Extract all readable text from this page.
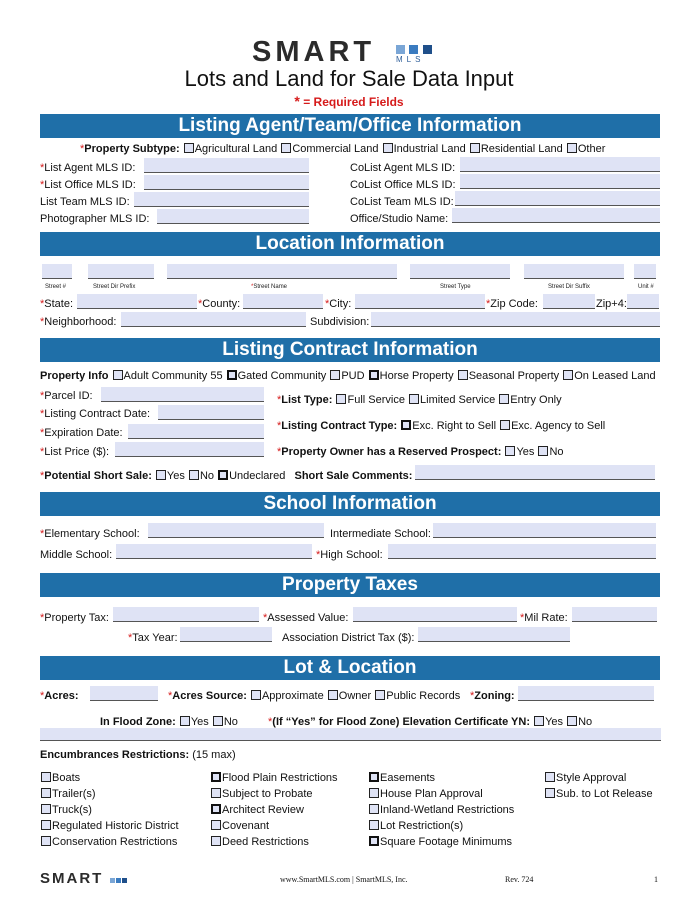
SMART
	MLS
Lots and Land for Sale Data Input
* = Required Fields
Listing Agent/Team/Office Information
*Property Subtype: Agricultural Land Commercial Land Industrial Land Residential Land Other
*List Agent MLS ID:
*List Office MLS ID:
List Team MLS ID:
Photographer MLS ID:
CoList Agent MLS ID:
CoList Office MLS ID:
CoList Team MLS ID:
Office/Studio Name:
Location Information
Street #	Street Dir Prefix	*Street Name	Street Type	Street Dir Suffix	Unit #
*State:	*County:	*City:	*Zip Code:	Zip+4:
*Neighborhood:	Subdivision:
Listing Contract Information
Property Info Adult Community 55 Gated Community PUD Horse Property Seasonal Property On Leased Land
*Parcel ID:
*Listing Contract Date:
*Expiration Date:
*List Price ($):
*List Type: Full Service Limited Service Entry Only
*Listing Contract Type: Exc. Right to Sell Exc. Agency to Sell
*Property Owner has a Reserved Prospect: Yes No
*Potential Short Sale: Yes No Undeclared Short Sale Comments:
School Information
*Elementary School:	Intermediate School:
Middle School:	*High School:
Property Taxes
*Property Tax:	*Assessed Value:	*Mil Rate:
*Tax Year:	Association District Tax ($):
Lot & Location
*Acres:	*Acres Source: Approximate Owner Public Records *Zoning:
In Flood Zone: Yes No	*(If “Yes” for Flood Zone) Elevation Certificate YN: Yes No
Encumbrances Restrictions: (15 max)
Boats
Trailer(s)
Truck(s)
Regulated Historic District
Conservation Restrictions
Flood Plain Restrictions
Subject to Probate
Architect Review
Covenant
Deed Restrictions
Easements
House Plan Approval
Inland-Wetland Restrictions
Lot Restriction(s)
Square Footage Minimums
Style Approval
Sub. to Lot Release
SMART	www.SmartMLS.com | SmartMLS, Inc.	Rev. 724	1
